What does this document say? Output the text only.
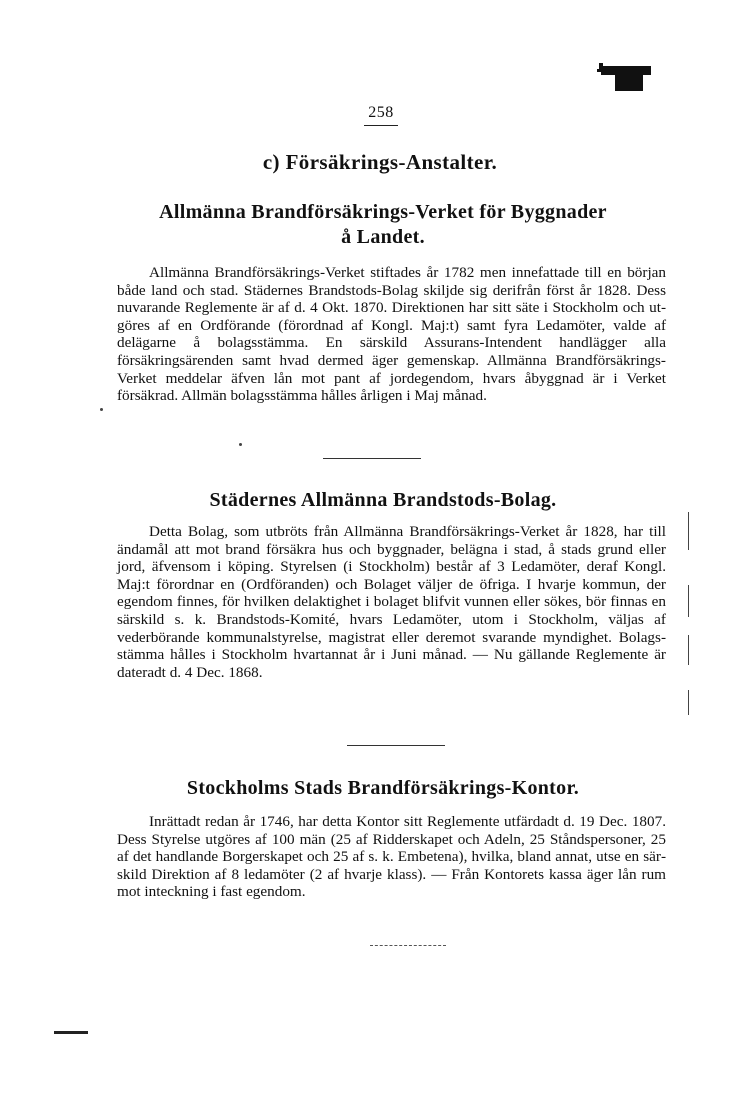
258
c) Försäkrings-Anstalter.
Allmänna Brandförsäkrings-Verket för Byggnader
å Landet.
Allmänna Brandförsäkrings-Verket stiftades år 1782 men innefattade till en början både land och stad. Städernes Brandstods-Bolag skiljde sig derifrån först år 1828. Dess nuvarande Reglemente är af d. 4 Okt. 1870. Direktionen har sitt säte i Stockholm och utgöres af en Ordförande (förordnad af Kongl. Maj:t) samt fyra Ledamöter, valde af delägarne å bolagsstämma. En särskild Assurans-Intendent handlägger alla försäkringsärenden samt hvad dermed äger gemenskap. Allmänna Brandförsäkrings-Verket meddelar äfven lån mot pant af jordegendom, hvars åbyggnad är i Verket försäkrad. Allmän bolagsstämma hålles årligen i Maj månad.
Städernes Allmänna Brandstods-Bolag.
Detta Bolag, som utbröts från Allmänna Brandförsäkrings-Verket år 1828, har till ändamål att mot brand försäkra hus och byggnader, belägna i stad, å stads grund eller jord, äfvensom i köping. Styrelsen (i Stockholm) består af 3 Ledamöter, deraf Kongl. Maj:t förordnar en (Ordföranden) och Bolaget väljer de öfriga. I hvarje kommun, der egendom finnes, för hvilken delaktighet i bolaget blifvit vunnen eller sökes, bör finnas en särskild s. k. Brandstods-Komité, hvars Ledamöter, utom i Stockholm, väljas af vederbörande kommunalstyrelse, magistrat eller deremot svarande myndighet. Bolagsstämma hålles i Stockholm hvartannat år i Juni månad. — Nu gällande Reglemente är dateradt d. 4 Dec. 1868.
Stockholms Stads Brandförsäkrings-Kontor.
Inrättadt redan år 1746, har detta Kontor sitt Reglemente utfärdadt d. 19 Dec. 1807. Dess Styrelse utgöres af 100 män (25 af Ridderskapet och Adeln, 25 Ståndspersoner, 25 af det handlande Borgerskapet och 25 af s. k. Embetena), hvilka, bland annat, utse en särskild Direktion af 8 ledamöter (2 af hvarje klass). — Från Kontorets kassa äger lån rum mot inteckning i fast egendom.
